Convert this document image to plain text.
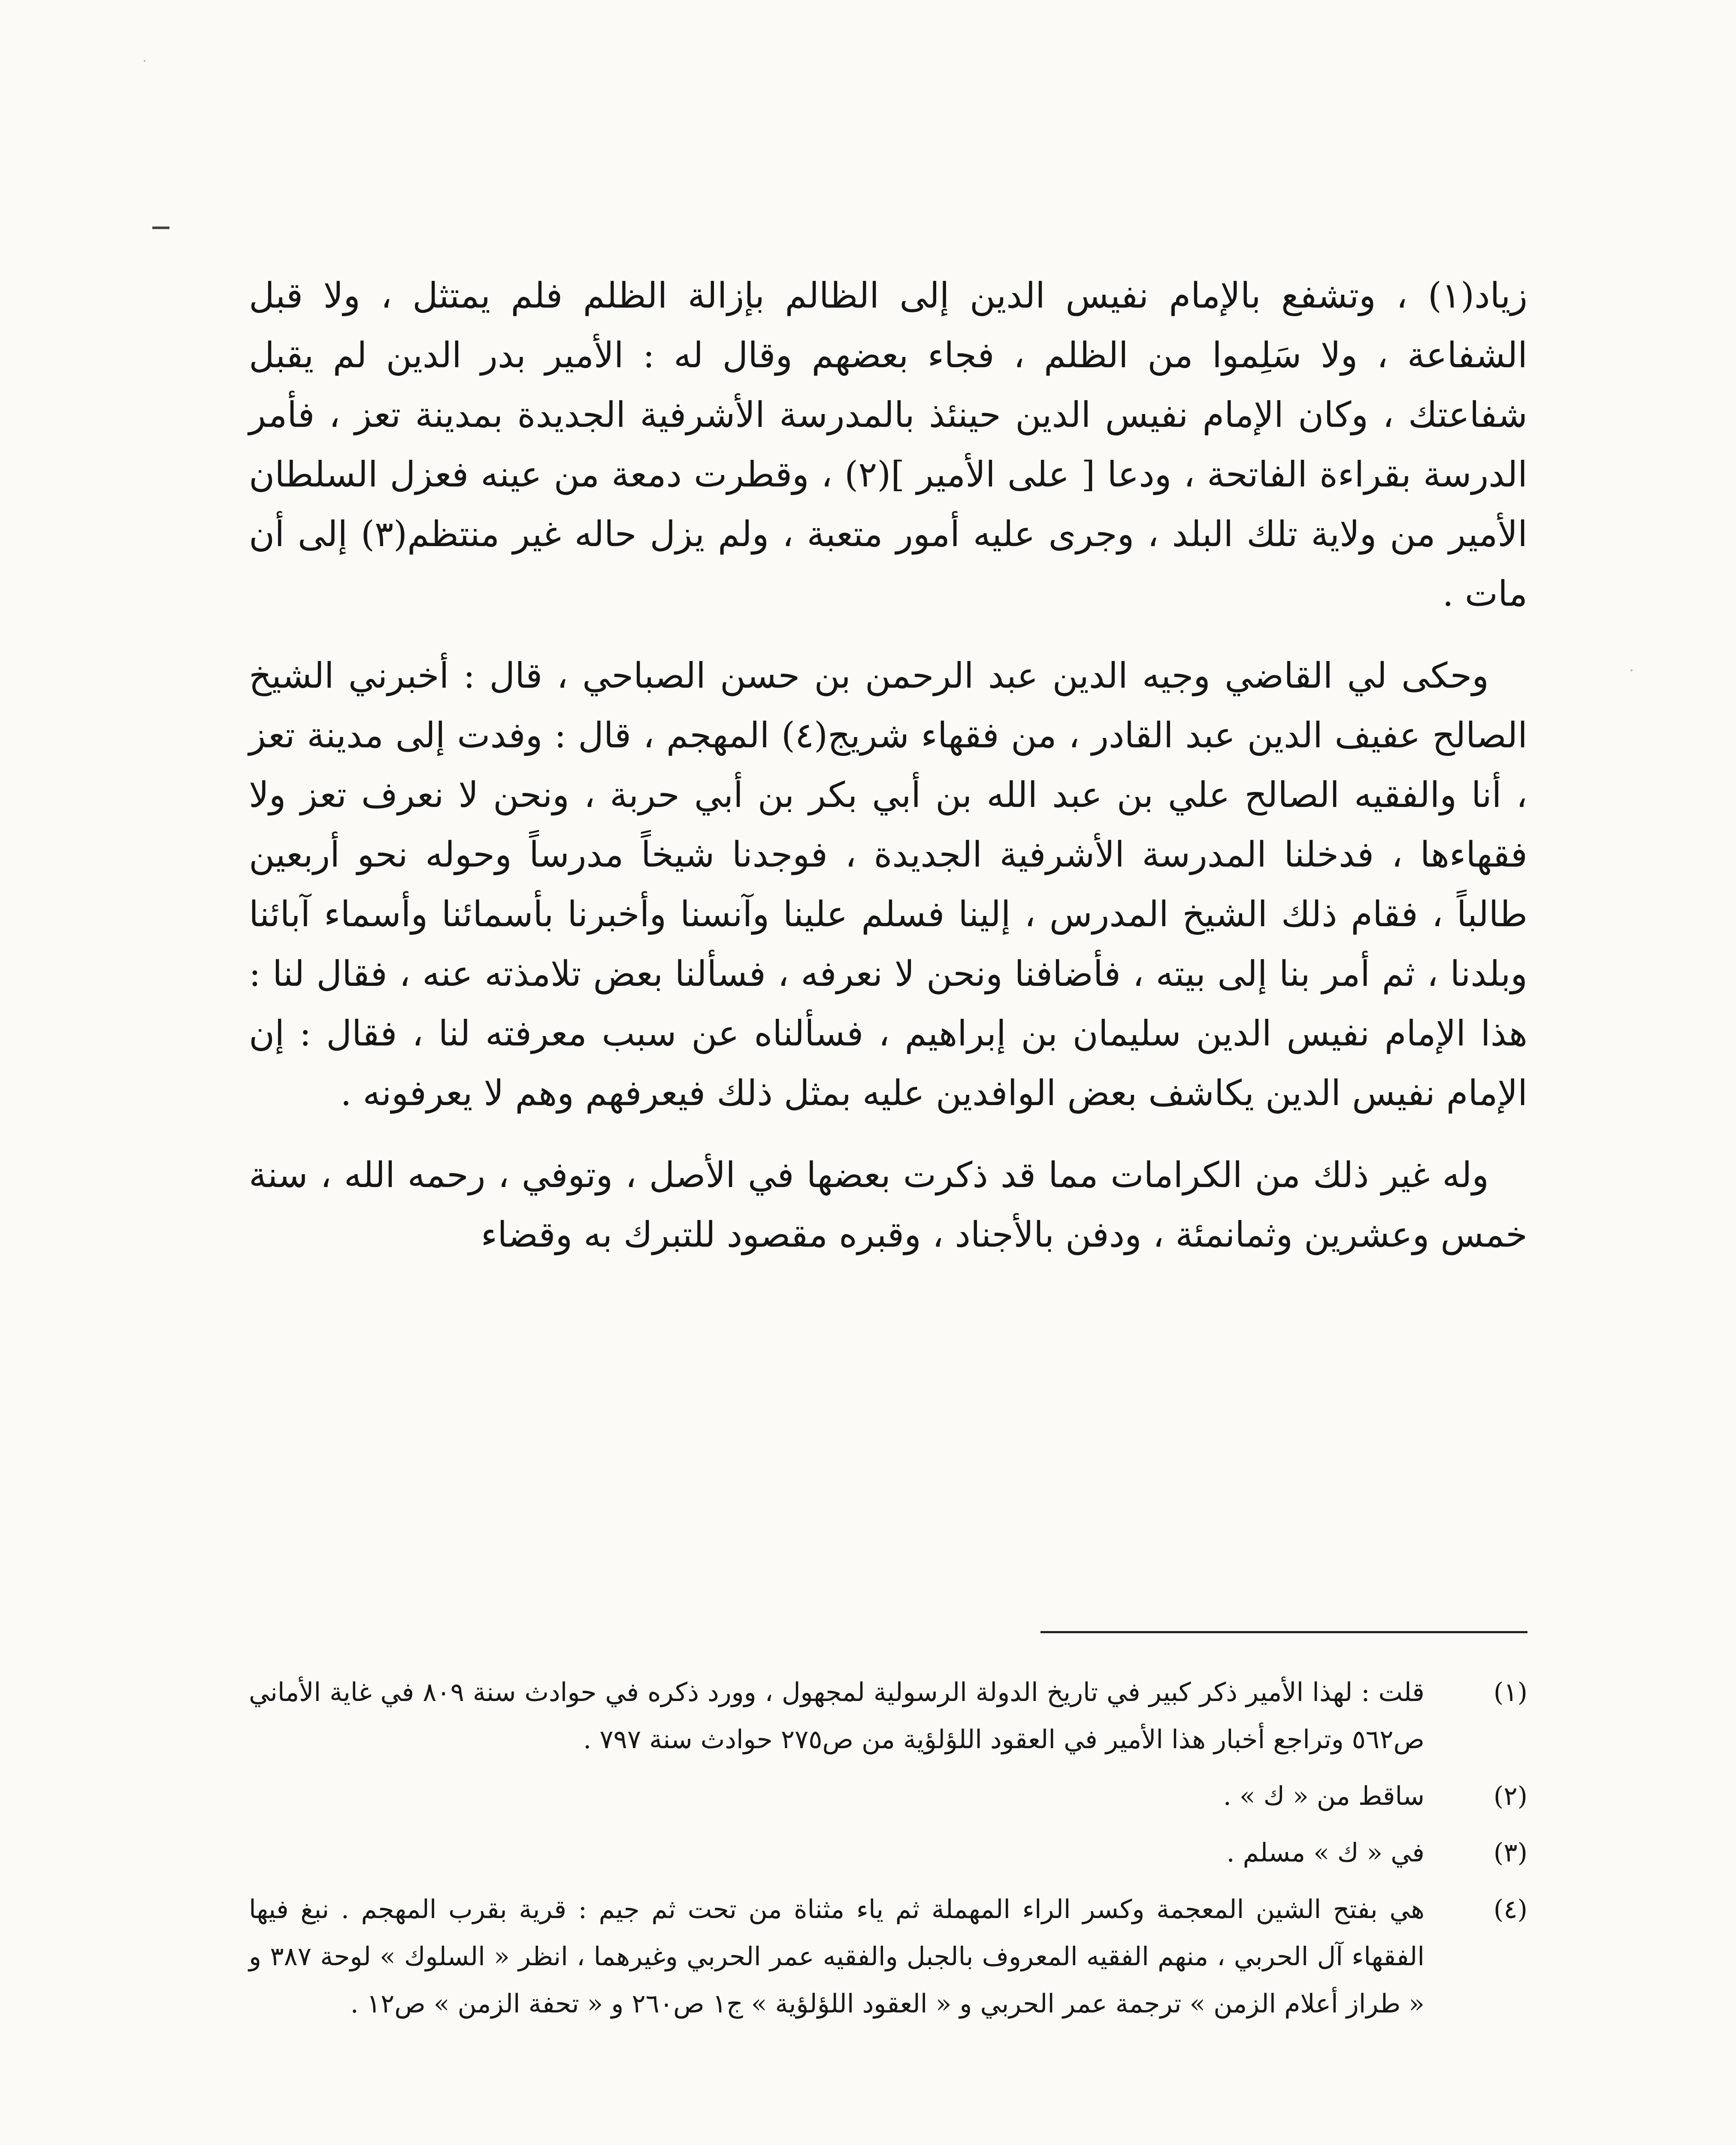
زياد(١) ، وتشفع بالإمام نفيس الدين إلى الظالم بإزالة الظلم فلم يمتثل ، ولا قبل الشفاعة ، ولا سَلِموا من الظلم ، فجاء بعضهم وقال له : الأمير بدر الدين لم يقبل شفاعتك ، وكان الإمام نفيس الدين حينئذ بالمدرسة الأشرفية الجديدة بمدينة تعز ، فأمر الدرسة بقراءة الفاتحة ، ودعا [ على الأمير ](٢) ، وقطرت دمعة من عينه فعزل السلطان الأمير من ولاية تلك البلد ، وجرى عليه أمور متعبة ، ولم يزل حاله غير منتظم(٣) إلى أن مات .

وحكى لي القاضي وجيه الدين عبد الرحمن بن حسن الصباحي ، قال : أخبرني الشيخ الصالح عفيف الدين عبد القادر ، من فقهاء شريج(٤) المهجم ، قال : وفدت إلى مدينة تعز ، أنا والفقيه الصالح علي بن عبد الله بن أبي بكر بن أبي حربة ، ونحن لا نعرف تعز ولا فقهاءها ، فدخلنا المدرسة الأشرفية الجديدة ، فوجدنا شيخاً مدرساً وحوله نحو أربعين طالباً ، فقام ذلك الشيخ المدرس ، إلينا فسلم علينا وآنسنا وأخبرنا بأسمائنا وأسماء آبائنا وبلدنا ، ثم أمر بنا إلى بيته ، فأضافنا ونحن لا نعرفه ، فسألنا بعض تلامذته عنه ، فقال لنا : هذا الإمام نفيس الدين سليمان بن إبراهيم ، فسألناه عن سبب معرفته لنا ، فقال : إن الإمام نفيس الدين يكاشف بعض الوافدين عليه بمثل ذلك فيعرفهم وهم لا يعرفونه .

وله غير ذلك من الكرامات مما قد ذكرت بعضها في الأصل ، وتوفي ، رحمه الله ، سنة خمس وعشرين وثمانمئة ، ودفن بالأجناد ، وقبره مقصود للتبرك به وقضاء

(١)
قلت : لهذا الأمير ذكر كبير في تاريخ الدولة الرسولية لمجهول ، وورد ذكره في حوادث سنة ٨٠٩ في غاية الأماني ص٥٦٢ وتراجع أخبار هذا الأمير في العقود اللؤلؤية من ص٢٧٥ حوادث سنة ٧٩٧ .
(٢)
ساقط من « ك » .
(٣)
في « ك » مسلم .
(٤)
هي بفتح الشين المعجمة وكسر الراء المهملة ثم ياء مثناة من تحت ثم جيم : قرية بقرب المهجم . نبغ فيها الفقهاء آل الحربي ، منهم الفقيه المعروف بالجبل والفقيه عمر الحربي وغيرهما ، انظر « السلوك » لوحة ٣٨٧ و « طراز أعلام الزمن » ترجمة عمر الحربي و « العقود اللؤلؤية » ج١ ص٢٦٠ و « تحفة الزمن » ص١٢ .
